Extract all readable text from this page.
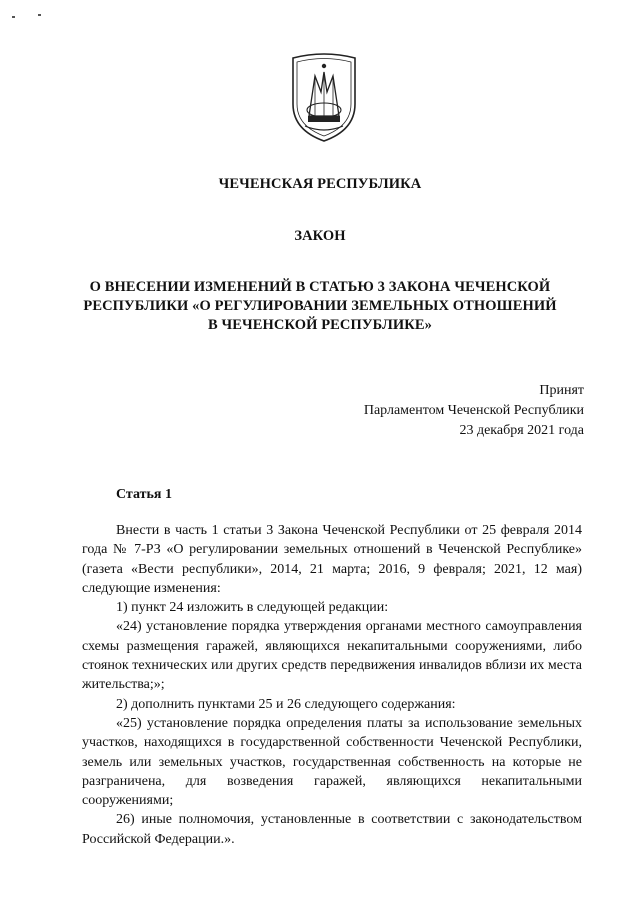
ЧЕЧЕНСКАЯ РЕСПУБЛИКА
ЗАКОН
О ВНЕСЕНИИ ИЗМЕНЕНИЙ В СТАТЬЮ 3 ЗАКОНА ЧЕЧЕНСКОЙ
РЕСПУБЛИКИ «О РЕГУЛИРОВАНИИ ЗЕМЕЛЬНЫХ ОТНОШЕНИЙ
В ЧЕЧЕНСКОЙ РЕСПУБЛИКЕ»
Принят
Парламентом Чеченской Республики
23 декабря 2021 года
Статья 1

Внести в часть 1 статьи 3 Закона Чеченской Республики от 25 февраля 2014 года № 7-РЗ «О регулировании земельных отношений в Чеченской Республике» (газета «Вести республики», 2014, 21 марта; 2016, 9 февраля; 2021, 12 мая) следующие изменения:

1) пункт 24 изложить в следующей редакции:

«24) установление порядка утверждения органами местного самоуправления схемы размещения гаражей, являющихся некапитальными сооружениями, либо стоянок технических или других средств передвижения инвалидов вблизи их места жительства;»;

2) дополнить пунктами 25 и 26 следующего содержания:

«25) установление порядка определения платы за использование земельных участков, находящихся в государственной собственности Чеченской Республики, земель или земельных участков, государственная собственность на которые не разграничена, для возведения гаражей, являющихся некапитальными сооружениями;

26) иные полномочия, установленные в соответствии с законодательством Российской Федерации.».
